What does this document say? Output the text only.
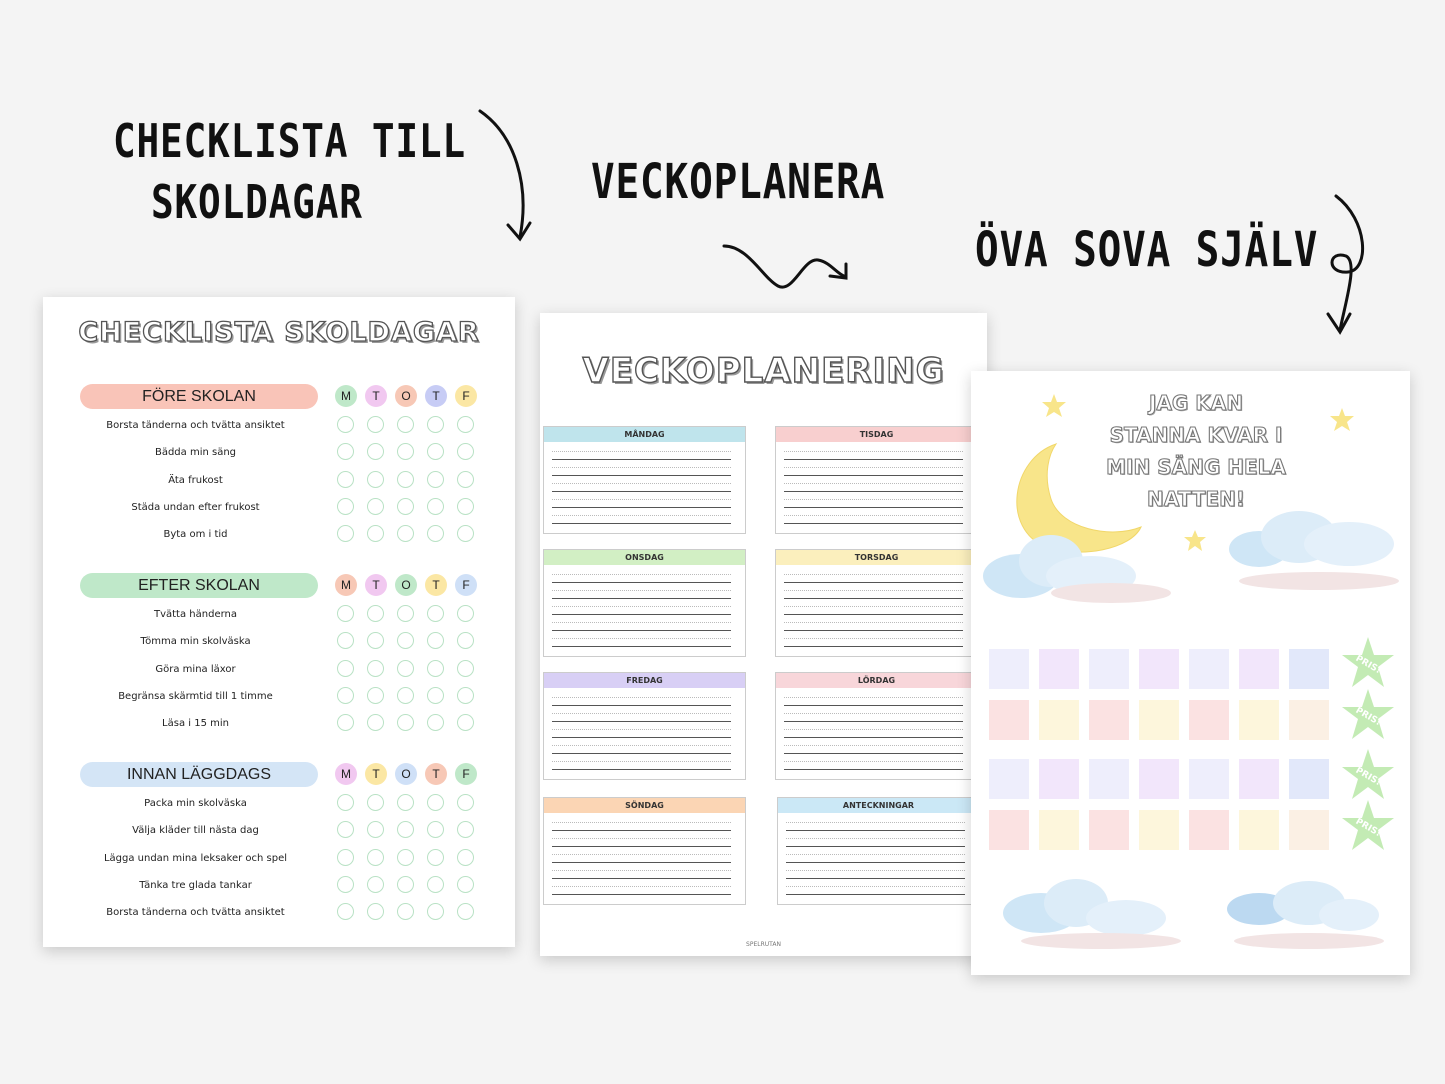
CHECKLISTA TILL
SKOLDAGAR	VECKOPLANERA
ÖVA SOVA SJÄLV
CHECKLISTA SKOLDAGAR
FÖRE SKOLAN	M	T	O	T	F
Borsta tänderna och tvätta ansiktet
Bädda min säng
Äta frukost
Städa undan efter frukost
Byta om i tid
EFTER SKOLAN	M	T	O	T	F
Tvätta händerna
Tömma min skolväska
Göra mina läxor
Begränsa skärmtid till 1 timme
Läsa i 15 min
INNAN LÄGGDAGS	M	T	O	T	F
Packa min skolväska
Välja kläder till nästa dag
Lägga undan mina leksaker och spel
Tänka tre glada tankar
Borsta tänderna och tvätta ansiktet
VECKOPLANERING
SPELRUTAN
MÅNDAG	TISDAG
ONSDAG	TORSDAG
FREDAG	LÖRDAG
SÖNDAG	ANTECKNINGAR
JAG KAN
STANNA KVAR I
MIN SÄNG HELA
NATTEN!
PRIS!
PRIS!
PRIS!
PRIS!
